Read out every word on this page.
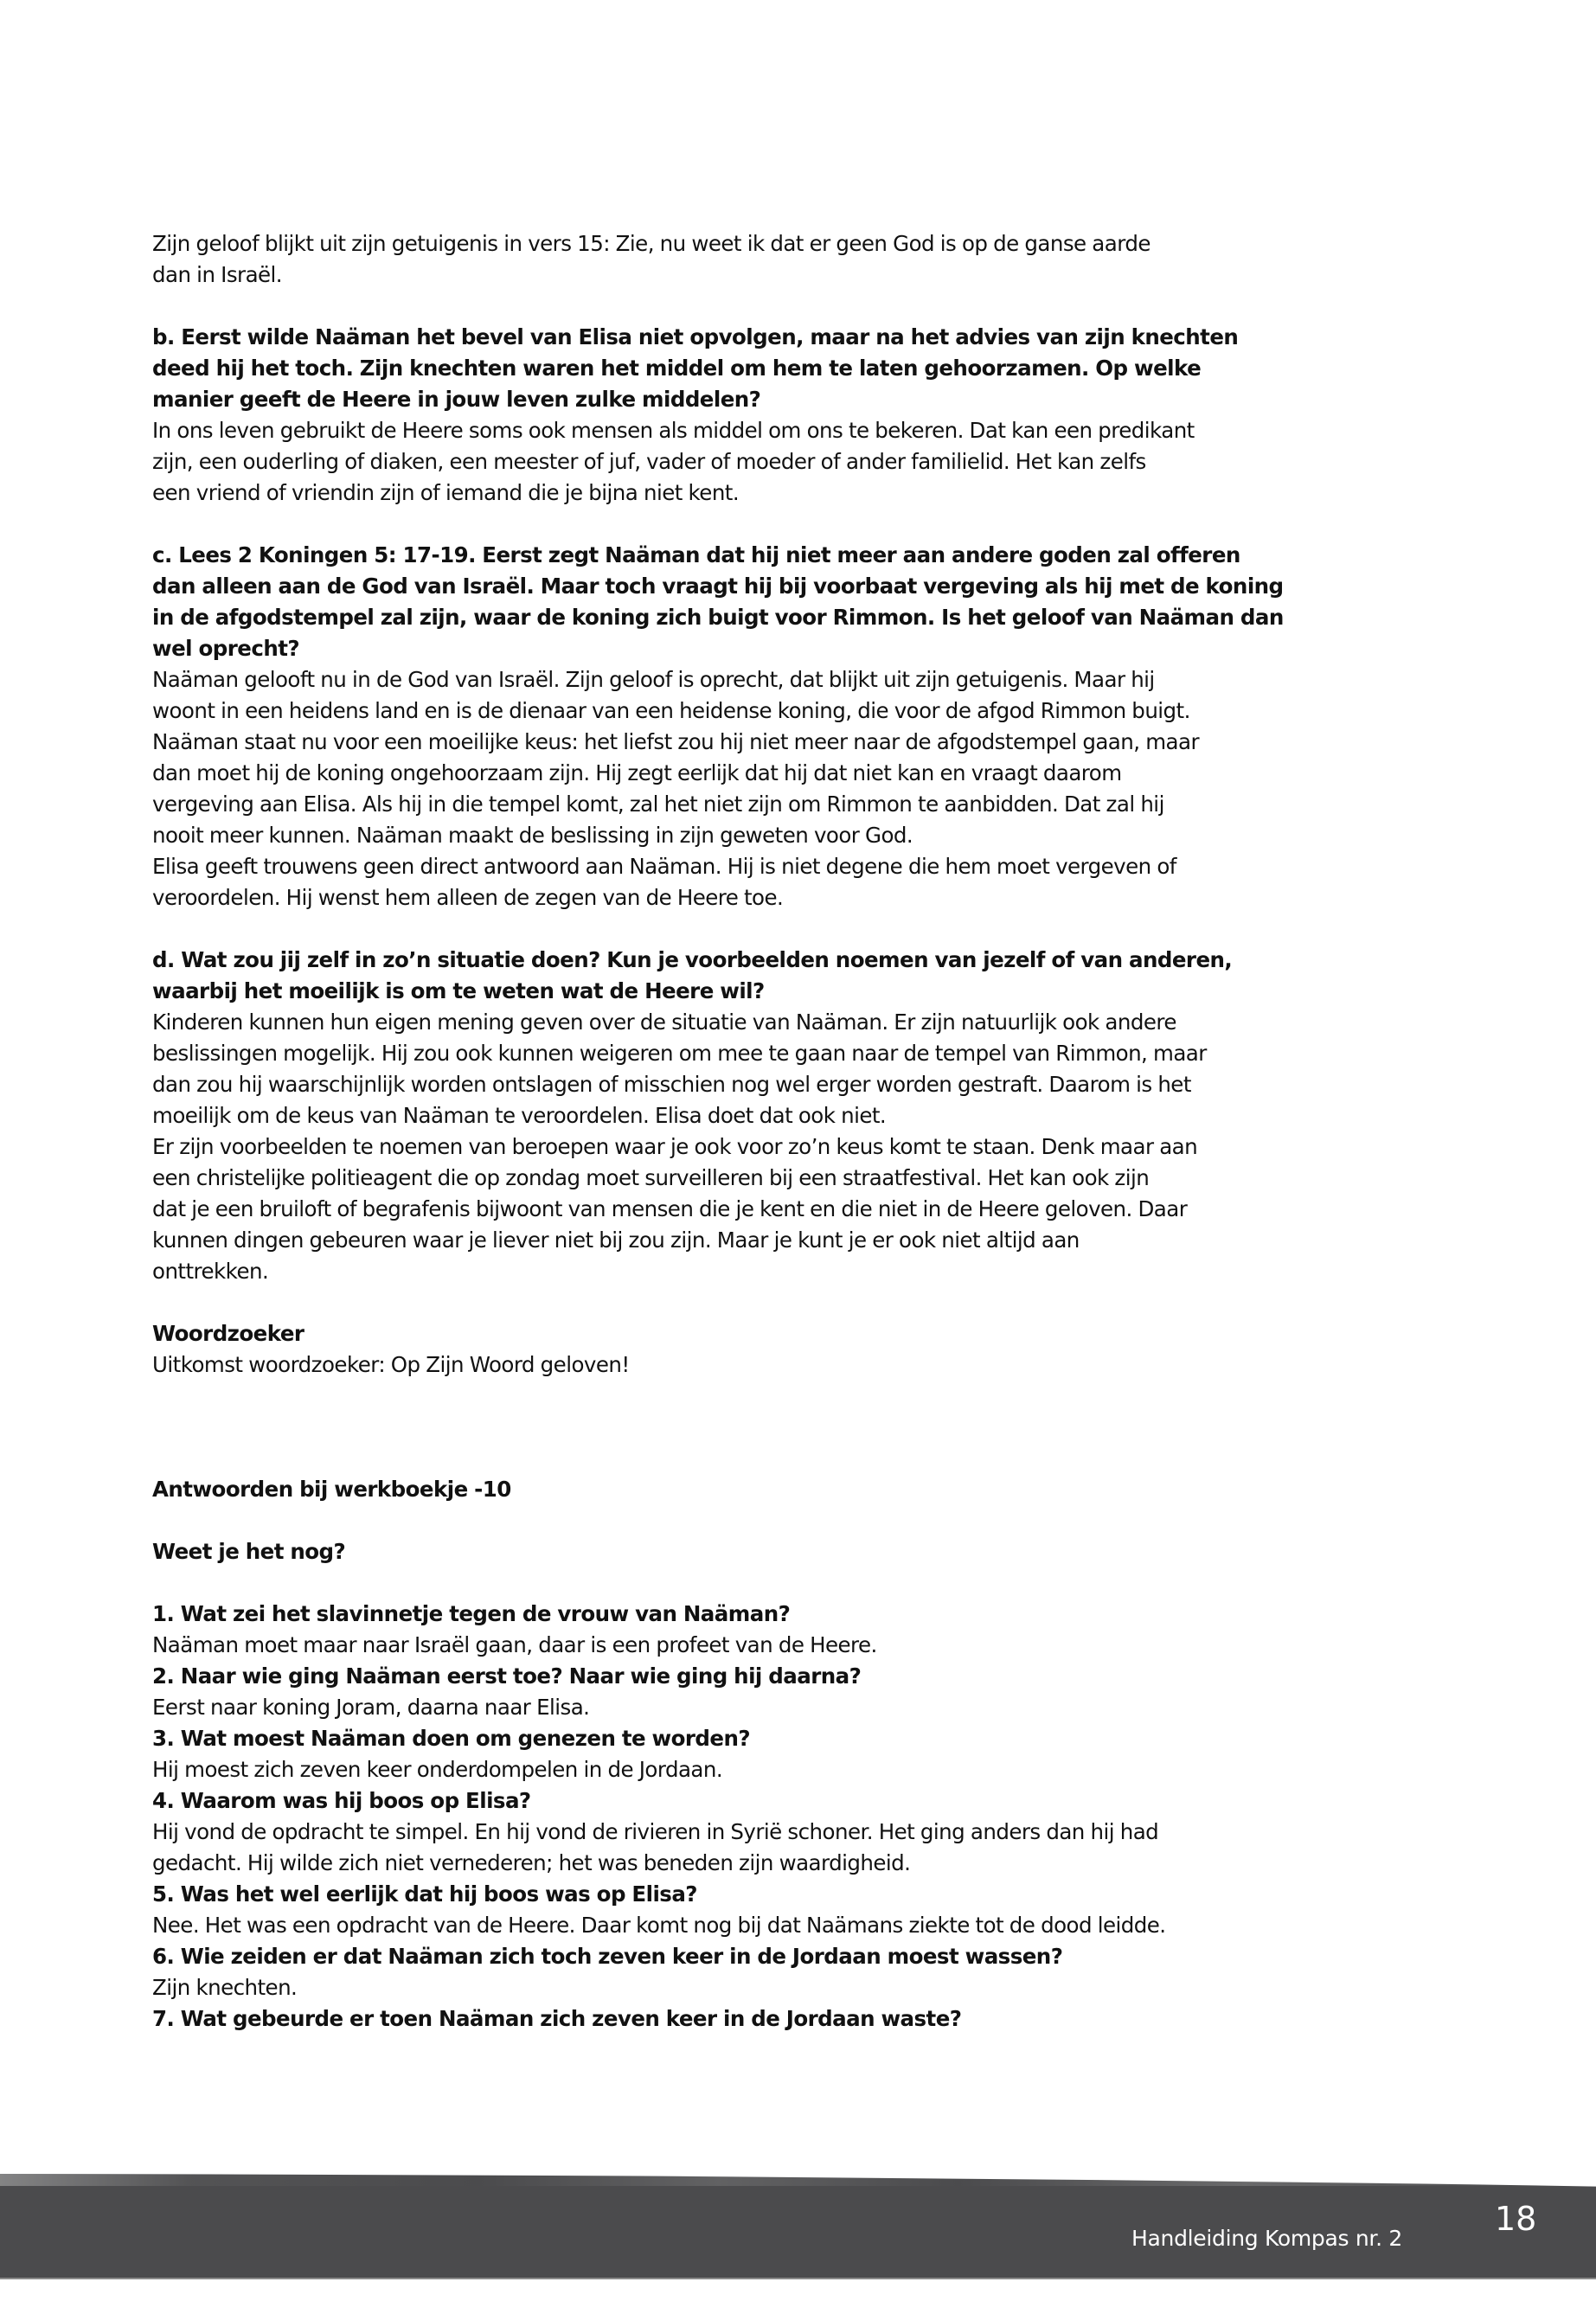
Zijn geloof blijkt uit zijn getuigenis in vers 15: Zie, nu weet ik dat er geen God is op de ganse aarde
dan in Israël.
b. Eerst wilde Naäman het bevel van Elisa niet opvolgen, maar na het advies van zijn knechten
deed hij het toch. Zijn knechten waren het middel om hem te laten gehoorzamen. Op welke
manier geeft de Heere in jouw leven zulke middelen?
In ons leven gebruikt de Heere soms ook mensen als middel om ons te bekeren. Dat kan een predikant
zijn, een ouderling of diaken, een meester of juf, vader of moeder of ander familielid. Het kan zelfs
een vriend of vriendin zijn of iemand die je bijna niet kent.
c. Lees 2 Koningen 5: 17-19. Eerst zegt Naäman dat hij niet meer aan andere goden zal offeren
dan alleen aan de God van Israël. Maar toch vraagt hij bij voorbaat vergeving als hij met de koning
in de afgodstempel zal zijn, waar de koning zich buigt voor Rimmon. Is het geloof van Naäman dan
wel oprecht?
Naäman gelooft nu in de God van Israël. Zijn geloof is oprecht, dat blijkt uit zijn getuigenis. Maar hij
woont in een heidens land en is de dienaar van een heidense koning, die voor de afgod Rimmon buigt.
Naäman staat nu voor een moeilijke keus: het liefst zou hij niet meer naar de afgodstempel gaan, maar
dan moet hij de koning ongehoorzaam zijn. Hij zegt eerlijk dat hij dat niet kan en vraagt daarom
vergeving aan Elisa. Als hij in die tempel komt, zal het niet zijn om Rimmon te aanbidden. Dat zal hij
nooit meer kunnen. Naäman maakt de beslissing in zijn geweten voor God.
Elisa geeft trouwens geen direct antwoord aan Naäman. Hij is niet degene die hem moet vergeven of
veroordelen. Hij wenst hem alleen de zegen van de Heere toe.
d. Wat zou jij zelf in zo’n situatie doen? Kun je voorbeelden noemen van jezelf of van anderen,
waarbij het moeilijk is om te weten wat de Heere wil?
Kinderen kunnen hun eigen mening geven over de situatie van Naäman. Er zijn natuurlijk ook andere
beslissingen mogelijk. Hij zou ook kunnen weigeren om mee te gaan naar de tempel van Rimmon, maar
dan zou hij waarschijnlijk worden ontslagen of misschien nog wel erger worden gestraft. Daarom is het
moeilijk om de keus van Naäman te veroordelen. Elisa doet dat ook niet.
Er zijn voorbeelden te noemen van beroepen waar je ook voor zo’n keus komt te staan. Denk maar aan
een christelijke politieagent die op zondag moet surveilleren bij een straatfestival. Het kan ook zijn
dat je een bruiloft of begrafenis bijwoont van mensen die je kent en die niet in de Heere geloven. Daar
kunnen dingen gebeuren waar je liever niet bij zou zijn. Maar je kunt je er ook niet altijd aan
onttrekken.
Woordzoeker
Uitkomst woordzoeker: Op Zijn Woord geloven!
Antwoorden bij werkboekje -10
Weet je het nog?
1. Wat zei het slavinnetje tegen de vrouw van Naäman?
Naäman moet maar naar Israël gaan, daar is een profeet van de Heere.
2. Naar wie ging Naäman eerst toe? Naar wie ging hij daarna?
Eerst naar koning Joram, daarna naar Elisa.
3. Wat moest Naäman doen om genezen te worden?
Hij moest zich zeven keer onderdompelen in de Jordaan.
4. Waarom was hij boos op Elisa?
Hij vond de opdracht te simpel. En hij vond de rivieren in Syrië schoner. Het ging anders dan hij had
gedacht. Hij wilde zich niet vernederen; het was beneden zijn waardigheid.
5. Was het wel eerlijk dat hij boos was op Elisa?
Nee. Het was een opdracht van de Heere. Daar komt nog bij dat Naämans ziekte tot de dood leidde.
6. Wie zeiden er dat Naäman zich toch zeven keer in de Jordaan moest wassen?
Zijn knechten.
7. Wat gebeurde er toen Naäman zich zeven keer in de Jordaan waste?
Handleiding Kompas nr. 2
18
